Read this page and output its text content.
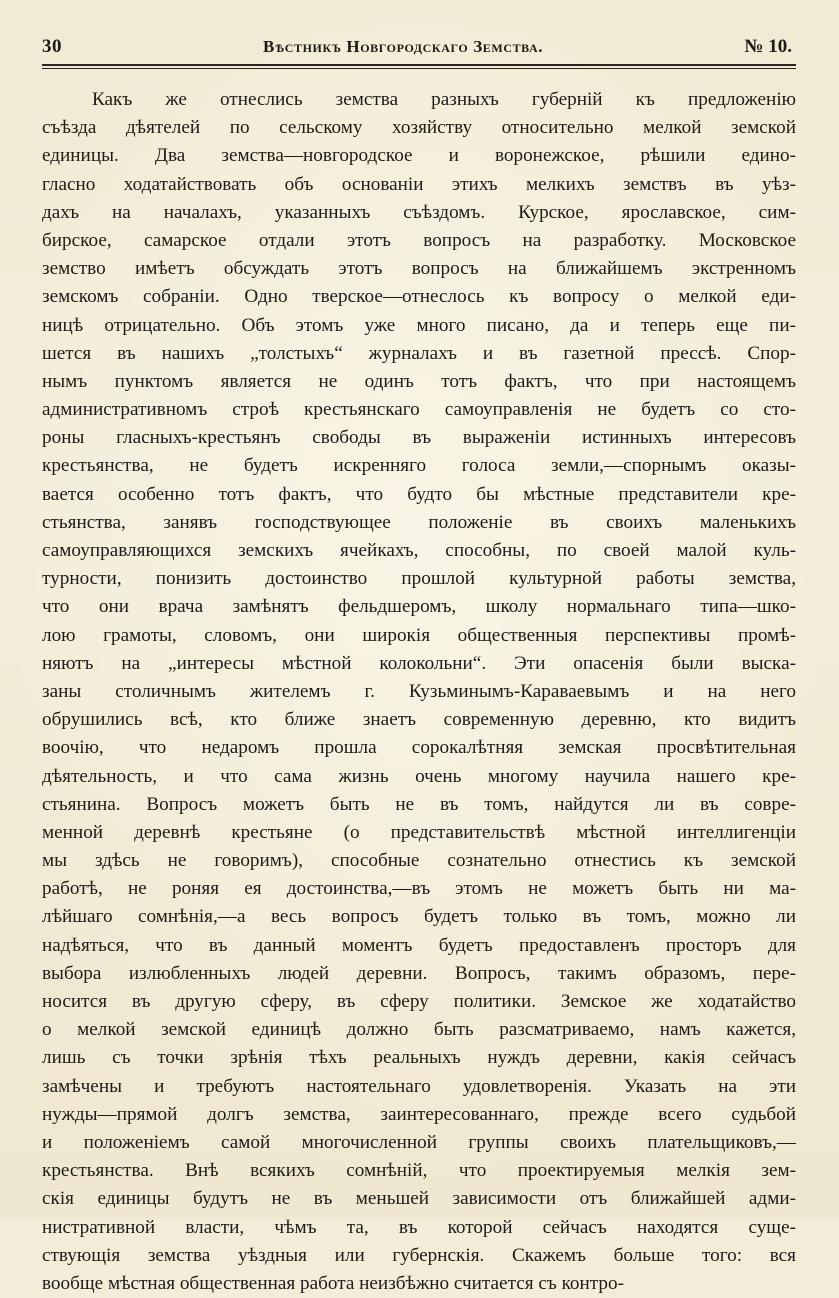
30	Вѣстникъ Новгородскаго Земства.	№ 10.
Какъ же отнеслись земства разныхъ губерній къ предложенію
съѣзда дѣятелей по сельскому хозяйству относительно мелкой земской
единицы. Два земства—новгородское и воронежское, рѣшили едино-
гласно ходатайствовать объ основаніи этихъ мелкихъ земствъ въ уѣз-
дахъ на началахъ, указанныхъ съѣздомъ. Курское, ярославское, сим-
бирское, самарское отдали этотъ вопросъ на разработку. Московское
земство имѣетъ обсуждать этотъ вопросъ на ближайшемъ экстренномъ
земскомъ собраніи. Одно тверское—отнеслось къ вопросу о мелкой еди-
ницѣ отрицательно. Объ этомъ уже много писано, да и теперь еще пи-
шется въ нашихъ „толстыхъ“ журналахъ и въ газетной прессѣ. Спор-
нымъ пунктомъ является не одинъ тотъ фактъ, что при настоящемъ
административномъ строѣ крестьянскаго самоуправленія не будетъ со сто-
роны гласныхъ-крестьянъ свободы въ выраженіи истинныхъ интересовъ
крестьянства, не будетъ искренняго голоса земли,—спорнымъ оказы-
вается особенно тотъ фактъ, что будто бы мѣстные представители кре-
стьянства, занявъ господствующее положеніе въ своихъ маленькихъ
самоуправляющихся земскихъ ячейкахъ, способны, по своей малой куль-
турности, понизить достоинство прошлой культурной работы земства,
что они врача замѣнятъ фельдшеромъ, школу нормальнаго типа—шко-
лою грамоты, словомъ, они широкія общественныя перспективы промѣ-
няютъ на „интересы мѣстной колокольни“. Эти опасенія были выска-
заны столичнымъ жителемъ г. Кузьминымъ-Караваевымъ и на него
обрушились всѣ, кто ближе знаетъ современную деревню, кто видитъ
воочію, что недаромъ прошла сорокалѣтняя земская просвѣтительная
дѣятельность, и что сама жизнь очень многому научила нашего кре-
стьянина. Вопросъ можетъ быть не въ томъ, найдутся ли въ совре-
менной деревнѣ крестьяне (о представительствѣ мѣстной интеллигенціи
мы здѣсь не говоримъ), способные сознательно отнестись къ земской
работѣ, не роняя ея достоинства,—въ этомъ не можетъ быть ни ма-
лѣйшаго сомнѣнія,—а весь вопросъ будетъ только въ томъ, можно ли
надѣяться, что въ данный моментъ будетъ предоставленъ просторъ для
выбора излюбленныхъ людей деревни. Вопросъ, такимъ образомъ, пере-
носится въ другую сферу, въ сферу политики. Земское же ходатайство
о мелкой земской единицѣ должно быть разсматриваемо, намъ кажется,
лишь съ точки зрѣнія тѣхъ реальныхъ нуждъ деревни, какія сейчасъ
замѣчены и требуютъ настоятельнаго удовлетворенія. Указать на эти
нужды—прямой долгъ земства, заинтересованнаго, прежде всего судьбой
и положеніемъ самой многочисленной группы своихъ плательщиковъ,—
крестьянства. Внѣ всякихъ сомнѣній, что проектируемыя мелкія зем-
скія единицы будутъ не въ меньшей зависимости отъ ближайшей адми-
нистративной власти, чѣмъ та, въ которой сейчасъ находятся суще-
ствующія земства уѣздныя или губернскія. Скажемъ больше того: вся
вообще мѣстная общественная работа неизбѣжно считается съ контро-
